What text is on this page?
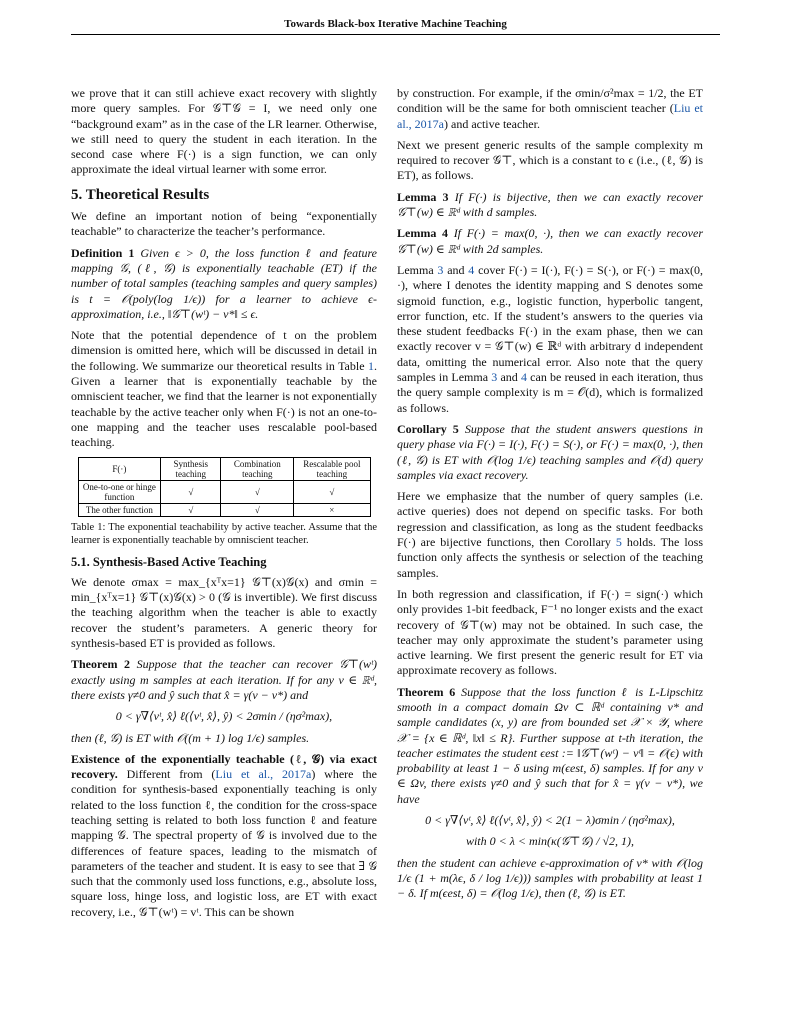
Towards Black-box Iterative Machine Teaching

we prove that it can still achieve exact recovery with slightly more query samples. For 𝒢⊤𝒢 = I, we need only one “background exam” as in the case of the LR learner. Otherwise, we still need to query the student in each iteration. In the second case where F(·) is a sign function, we can only approximate the ideal virtual learner with some error.

5. Theoretical Results

We define an important notion of being “exponentially teachable” to characterize the teacher’s performance.

Definition 1 Given ϵ > 0, the loss function ℓ and feature mapping 𝒢, (ℓ, 𝒢) is exponentially teachable (ET) if the number of total samples (teaching samples and query samples) is t = 𝒪(poly(log 1/ϵ)) for a learner to achieve ϵ-approximation, i.e., ‖𝒢⊤(wᵗ) − v*‖ ≤ ϵ.

Note that the potential dependence of t on the problem dimension is omitted here, which will be discussed in detail in the following. We summarize our theoretical results in Table 1. Given a learner that is exponentially teachable by the omniscient teacher, we find that the learner is not exponentially teachable by the active teacher only when F(·) is not an one-to-one mapping and the teacher uses rescalable pool-based teaching.

F(·)	Synthesis teaching	Combination teaching	Rescalable pool teaching
One-to-one or hinge function	√	√	√
The other function	√	√	×
Table 1: The exponential teachability by active teacher. Assume that the learner is exponentially teachable by omniscient teacher.
5.1. Synthesis-Based Active Teaching

We denote σmax = max_{xᵀx=1} 𝒢⊤(x)𝒢(x) and σmin = min_{xᵀx=1} 𝒢⊤(x)𝒢(x) > 0 (𝒢 is invertible). We first discuss the teaching algorithm when the teacher is able to exactly recover the student’s parameters. A generic theory for synthesis-based ET is provided as follows.

Theorem 2 Suppose that the teacher can recover 𝒢⊤(wᵗ) exactly using m samples at each iteration. If for any v ∈ ℝᵈ, there exists γ≠0 and ŷ such that x̂ = γ(v − v*) and

0 < γ∇⟨vᵗ, x̂⟩ ℓ(⟨vᵗ, x̂⟩, ŷ) < 2σmin / (ησ²max),

then (ℓ, 𝒢) is ET with 𝒪((m + 1) log 1/ϵ) samples.

Existence of the exponentially teachable (ℓ, 𝒢) via exact recovery. Different from (Liu et al., 2017a) where the condition for synthesis-based exponentially teaching is only related to the loss function ℓ, the condition for the cross-space teaching setting is related to both loss function ℓ and feature mapping 𝒢. The spectral property of 𝒢 is involved due to the differences of feature spaces, leading to the mismatch of parameters of the teacher and student. It is easy to see that ∃ 𝒢 such that the commonly used loss functions, e.g., absolute loss, square loss, hinge loss, and logistic loss, are ET with exact recovery, i.e., 𝒢⊤(wᵗ) = vᵗ. This can be shown

by construction. For example, if the σmin/σ²max = 1/2, the ET condition will be the same for both omniscient teacher (Liu et al., 2017a) and active teacher.

Next we present generic results of the sample complexity m required to recover 𝒢⊤, which is a constant to ϵ (i.e., (ℓ, 𝒢) is ET), as follows.

Lemma 3 If F(·) is bijective, then we can exactly recover 𝒢⊤(w) ∈ ℝᵈ with d samples.

Lemma 4 If F(·) = max(0, ·), then we can exactly recover 𝒢⊤(w) ∈ ℝᵈ with 2d samples.

Lemma 3 and 4 cover F(·) = I(·), F(·) = S(·), or F(·) = max(0, ·), where I denotes the identity mapping and S denotes some sigmoid function, e.g., logistic function, hyperbolic tangent, error function, etc. If the student’s answers to the queries via these student feedbacks F(·) in the exam phase, then we can exactly recover v = 𝒢⊤(w) ∈ ℝᵈ with arbitrary d independent data, omitting the numerical error. Also note that the query samples in Lemma 3 and 4 can be reused in each iteration, thus the query sample complexity is m = 𝒪(d), which is formalized as follows.

Corollary 5 Suppose that the student answers questions in query phase via F(·) = I(·), F(·) = S(·), or F(·) = max(0, ·), then (ℓ, 𝒢) is ET with 𝒪(log 1/ϵ) teaching samples and 𝒪(d) query samples via exact recovery.

Here we emphasize that the number of query samples (i.e. active queries) does not depend on specific tasks. For both regression and classification, as long as the student feedbacks F(·) are bijective functions, then Corollary 5 holds. The loss function only affects the synthesis or selection of the teaching samples.

In both regression and classification, if F(·) = sign(·) which only provides 1-bit feedback, F⁻¹ no longer exists and the exact recovery of 𝒢⊤(w) may not be obtained. In such case, the teacher may only approximate the student’s parameter using active learning. We first present the generic result for ET via approximate recovery as follows.

Theorem 6 Suppose that the loss function ℓ is L-Lipschitz smooth in a compact domain Ωv ⊂ ℝᵈ containing v* and sample candidates (x, y) are from bounded set 𝒳 × 𝒴, where 𝒳 = {x ∈ ℝᵈ, ‖x‖ ≤ R}. Further suppose at t-th iteration, the teacher estimates the student ϵest := ‖𝒢⊤(wᵗ) − vᵗ‖ = 𝒪(ϵ) with probability at least 1 − δ using m(ϵest, δ) samples. If for any v ∈ Ωv, there exists γ≠0 and ŷ such that for x̂ = γ(v − v*), we have

0 < γ∇⟨vᵗ, x̂⟩ ℓ(⟨vᵗ, x̂⟩, ŷ) < 2(1 − λ)σmin / (ησ²max),
with 0 < λ < min(κ(𝒢⊤𝒢) / √2, 1),

then the student can achieve ϵ-approximation of v* with 𝒪(log 1/ϵ (1 + m(λϵ, δ / log 1/ϵ))) samples with probability at least 1 − δ. If m(ϵest, δ) = 𝒪(log 1/ϵ), then (ℓ, 𝒢) is ET.
